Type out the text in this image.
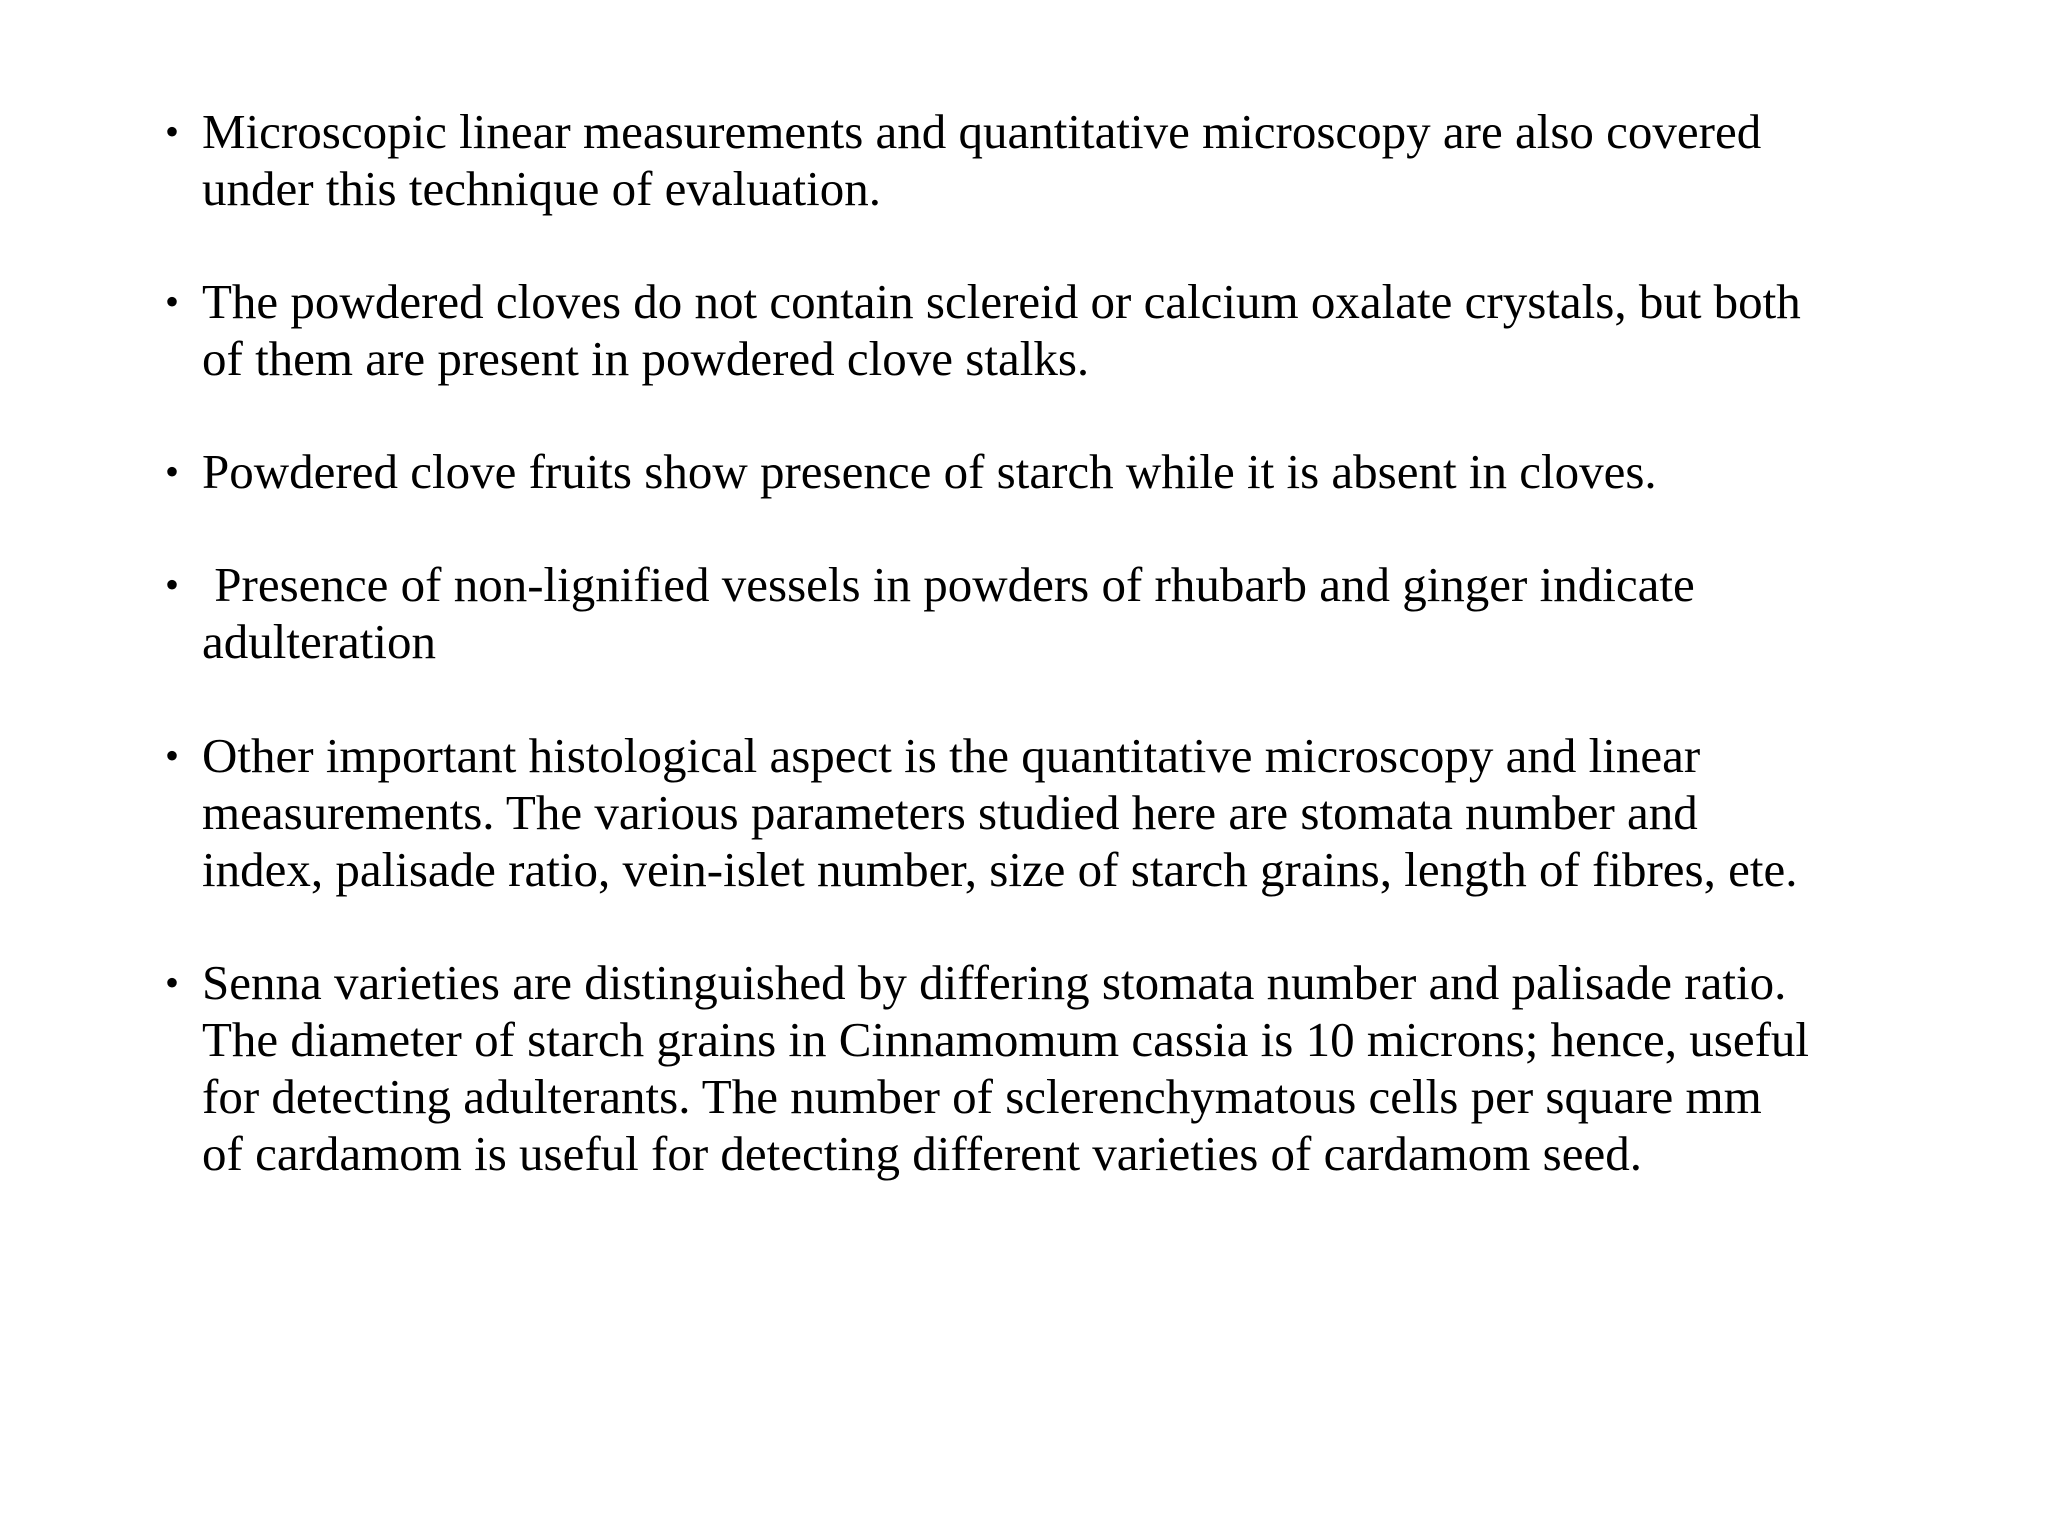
• Microscopic linear measurements and quantitative microscopy are also covered
under this technique of evaluation.
• The powdered cloves do not contain sclereid or calcium oxalate crystals, but both
of them are present in powdered clove stalks.
• Powdered clove fruits show presence of starch while it is absent in cloves.
• Presence of non-lignified vessels in powders of rhubarb and ginger indicate
adulteration
• Other important histological aspect is the quantitative microscopy and linear
measurements. The various parameters studied here are stomata number and
index, palisade ratio, vein-islet number, size of starch grains, length of fibres, ete.
• Senna varieties are distinguished by differing stomata number and palisade ratio.
The diameter of starch grains in Cinnamomum cassia is 10 microns; hence, useful
for detecting adulterants. The number of sclerenchymatous cells per square mm
of cardamom is useful for detecting different varieties of cardamom seed.
